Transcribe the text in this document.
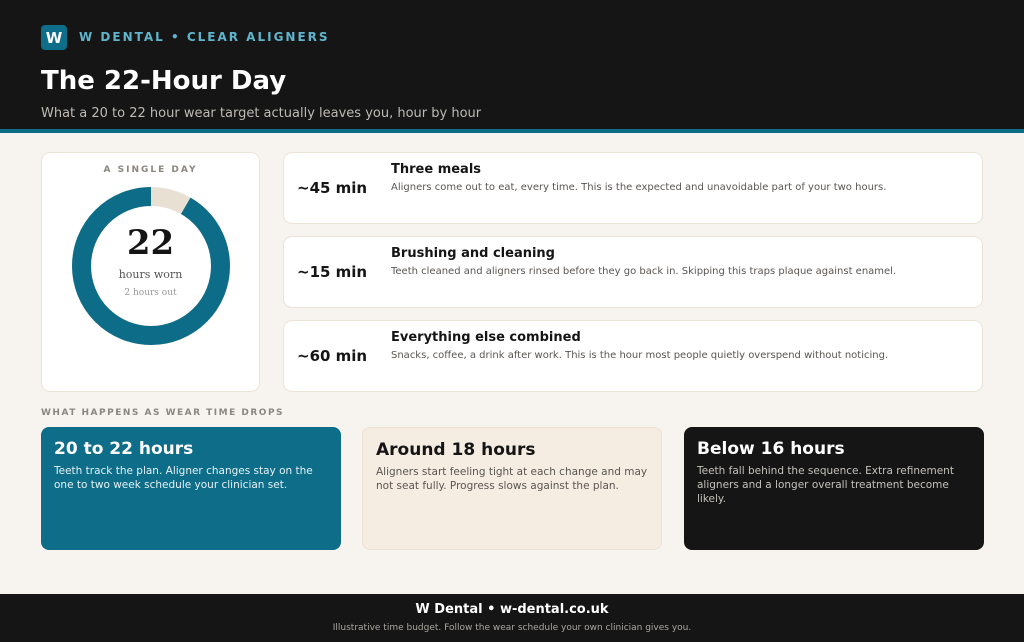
W	W DENTAL • CLEAR ALIGNERS
The 22-Hour Day
What a 20 to 22 hour wear target actually leaves you, hour by hour
A SINGLE DAY
22
hours worn
2 hours out
~45 min
Three meals
Aligners come out to eat, every time. This is the expected and unavoidable part of your two hours.
~15 min
Brushing and cleaning
Teeth cleaned and aligners rinsed before they go back in. Skipping this traps plaque against enamel.
~60 min
Everything else combined
Snacks, coffee, a drink after work. This is the hour most people quietly overspend without noticing.
WHAT HAPPENS AS WEAR TIME DROPS
20 to 22 hours

Teeth track the plan. Aligner changes stay on the one to two week schedule your clinician set.

Around 18 hours

Aligners start feeling tight at each change and may not seat fully. Progress slows against the plan.

Below 16 hours

Teeth fall behind the sequence. Extra refinement aligners and a longer overall treatment become likely.

W Dental • w-dental.co.uk
Illustrative time budget. Follow the wear schedule your own clinician gives you.
